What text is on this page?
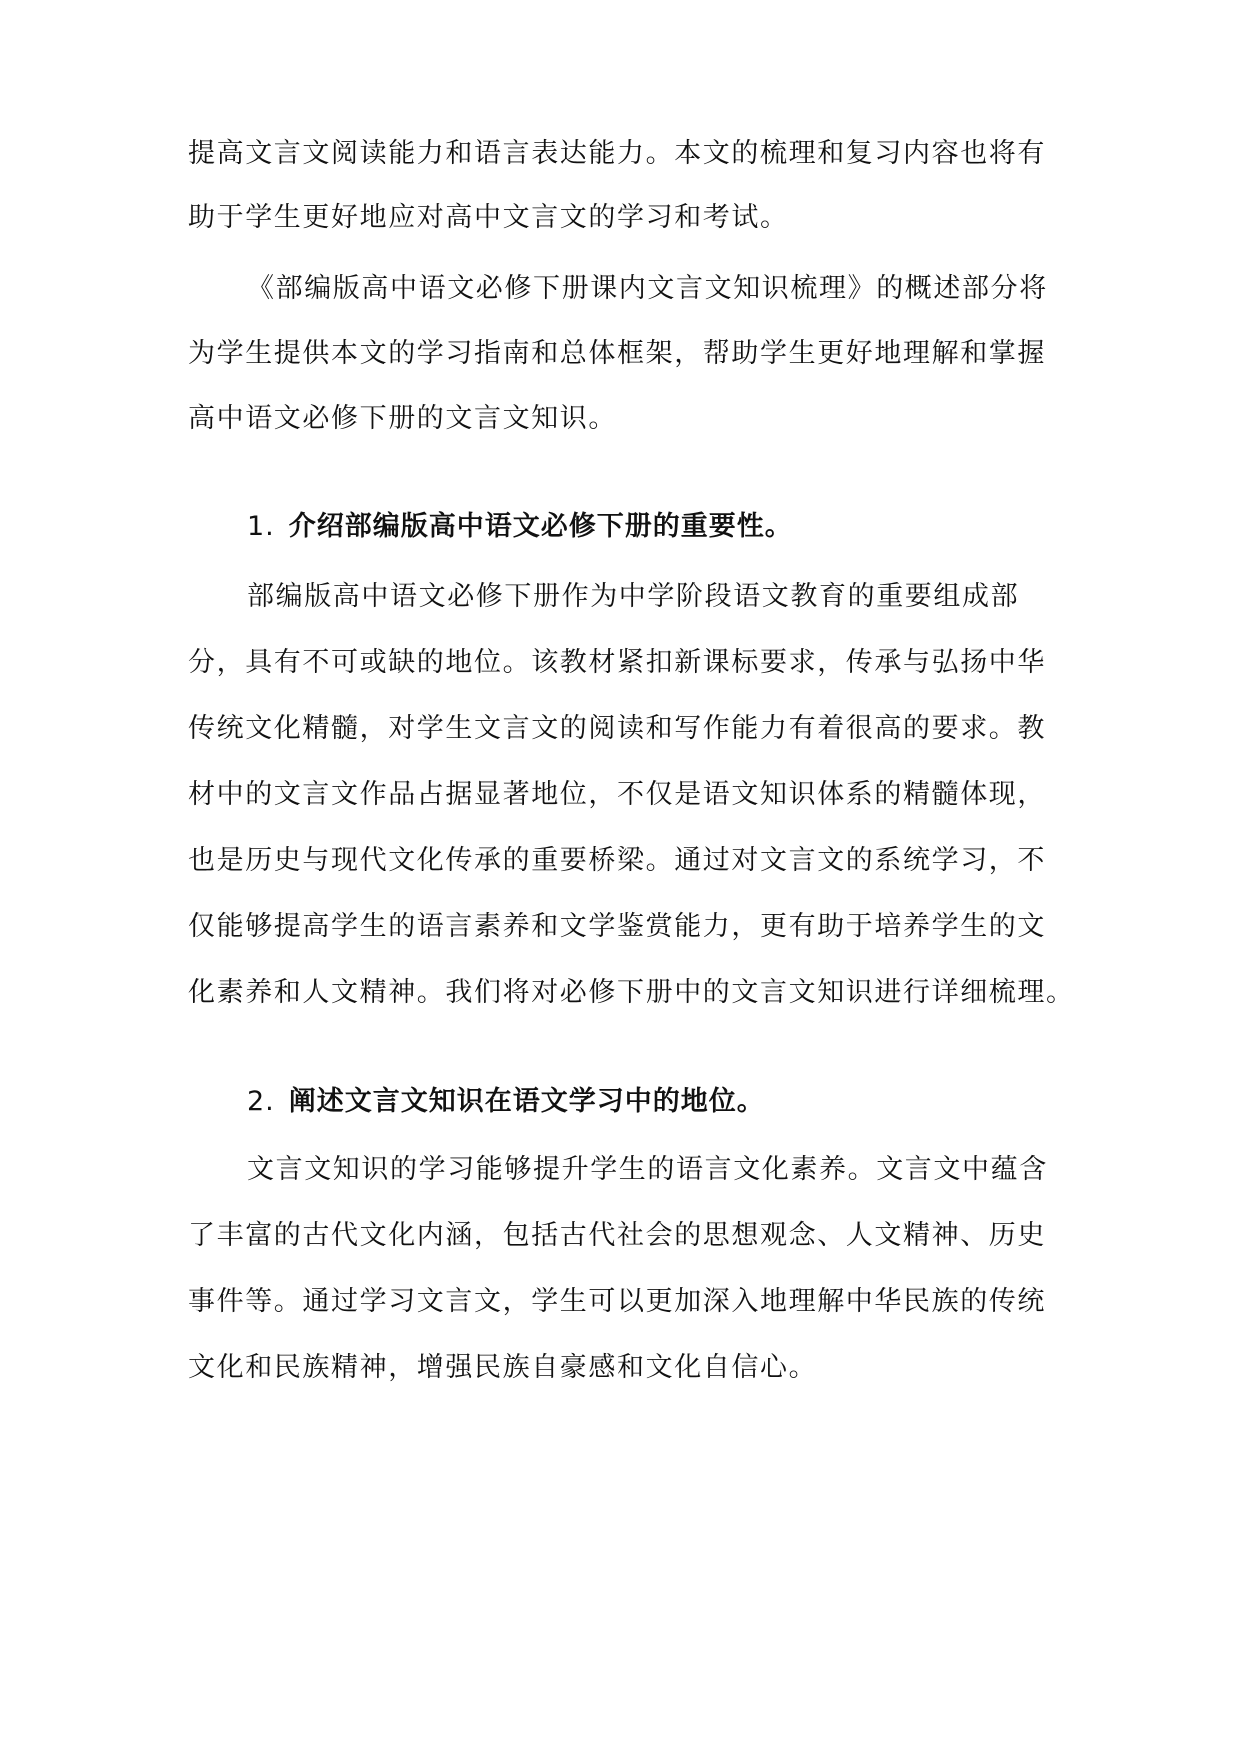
提高文言文阅读能力和语言表达能力。本文的梳理和复习内容也将有
助于学生更好地应对高中文言文的学习和考试。
《部编版高中语文必修下册课内文言文知识梳理》的概述部分将
为学生提供本文的学习指南和总体框架，帮助学生更好地理解和掌握
高中语文必修下册的文言文知识。
1. 介绍部编版高中语文必修下册的重要性。
部编版高中语文必修下册作为中学阶段语文教育的重要组成部
分，具有不可或缺的地位。该教材紧扣新课标要求，传承与弘扬中华
传统文化精髓，对学生文言文的阅读和写作能力有着很高的要求。教
材中的文言文作品占据显著地位，不仅是语文知识体系的精髓体现，
也是历史与现代文化传承的重要桥梁。通过对文言文的系统学习，不
仅能够提高学生的语言素养和文学鉴赏能力，更有助于培养学生的文
化素养和人文精神。我们将对必修下册中的文言文知识进行详细梳理。
2. 阐述文言文知识在语文学习中的地位。
文言文知识的学习能够提升学生的语言文化素养。文言文中蕴含
了丰富的古代文化内涵，包括古代社会的思想观念、人文精神、历史
事件等。通过学习文言文，学生可以更加深入地理解中华民族的传统
文化和民族精神，增强民族自豪感和文化自信心。
